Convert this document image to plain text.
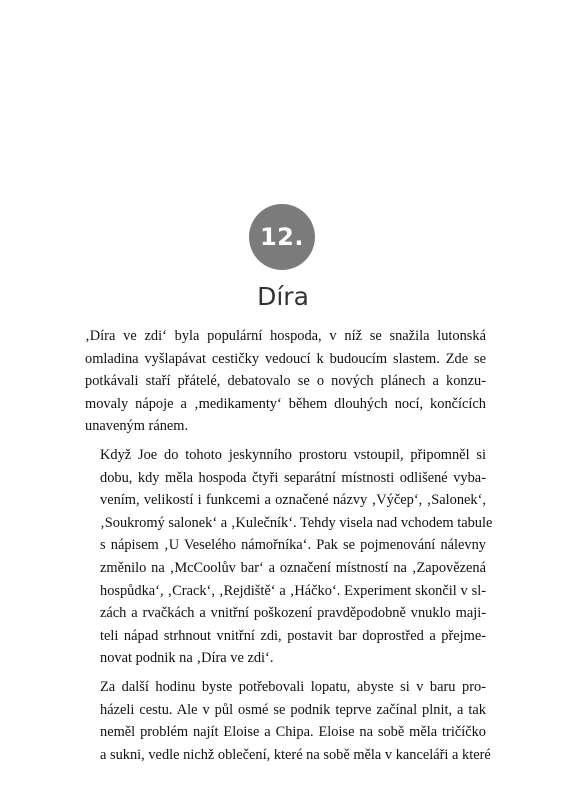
12.
Díra

‚Díra ve zdi‘ byla populární hospoda, v níž se snažila lutonská
omladina vyšlapávat cestičky vedoucí k budoucím slastem. Zde se
potkávali staří přátelé, debatovalo se o nových plánech a konzu-
movaly nápoje a ‚medikamenty‘ během dlouhých nocí, končících
unaveným ránem.

Když Joe do tohoto jeskynního prostoru vstoupil, připomněl si
dobu, kdy měla hospoda čtyři separátní místnosti odlišené vyba-
vením, velikostí i funkcemi a označené názvy ‚Výčep‘, ‚Salonek‘,
‚Soukromý salonek‘ a ‚Kulečník‘. Tehdy visela nad vchodem tabule
s nápisem ‚U Veselého námořníka‘. Pak se pojmenování nálevny
změnilo na ‚McCoolův bar‘ a označení místností na ‚Zapovězená
hospůdka‘, ‚Crack‘, ‚Rejdiště‘ a ‚Háčko‘. Experiment skončil v sl-
zách a rvačkách a vnitřní poškození pravděpodobně vnuklo maji-
teli nápad strhnout vnitřní zdi, postavit bar doprostřed a přejme-
novat podnik na ‚Díra ve zdi‘.

Za další hodinu byste potřebovali lopatu, abyste si v baru pro-
házeli cestu. Ale v půl osmé se podnik teprve začínal plnit, a tak
neměl problém najít Eloise a Chipa. Eloise na sobě měla tričíčko
a sukni, vedle nichž oblečení, které na sobě měla v kanceláři a které
